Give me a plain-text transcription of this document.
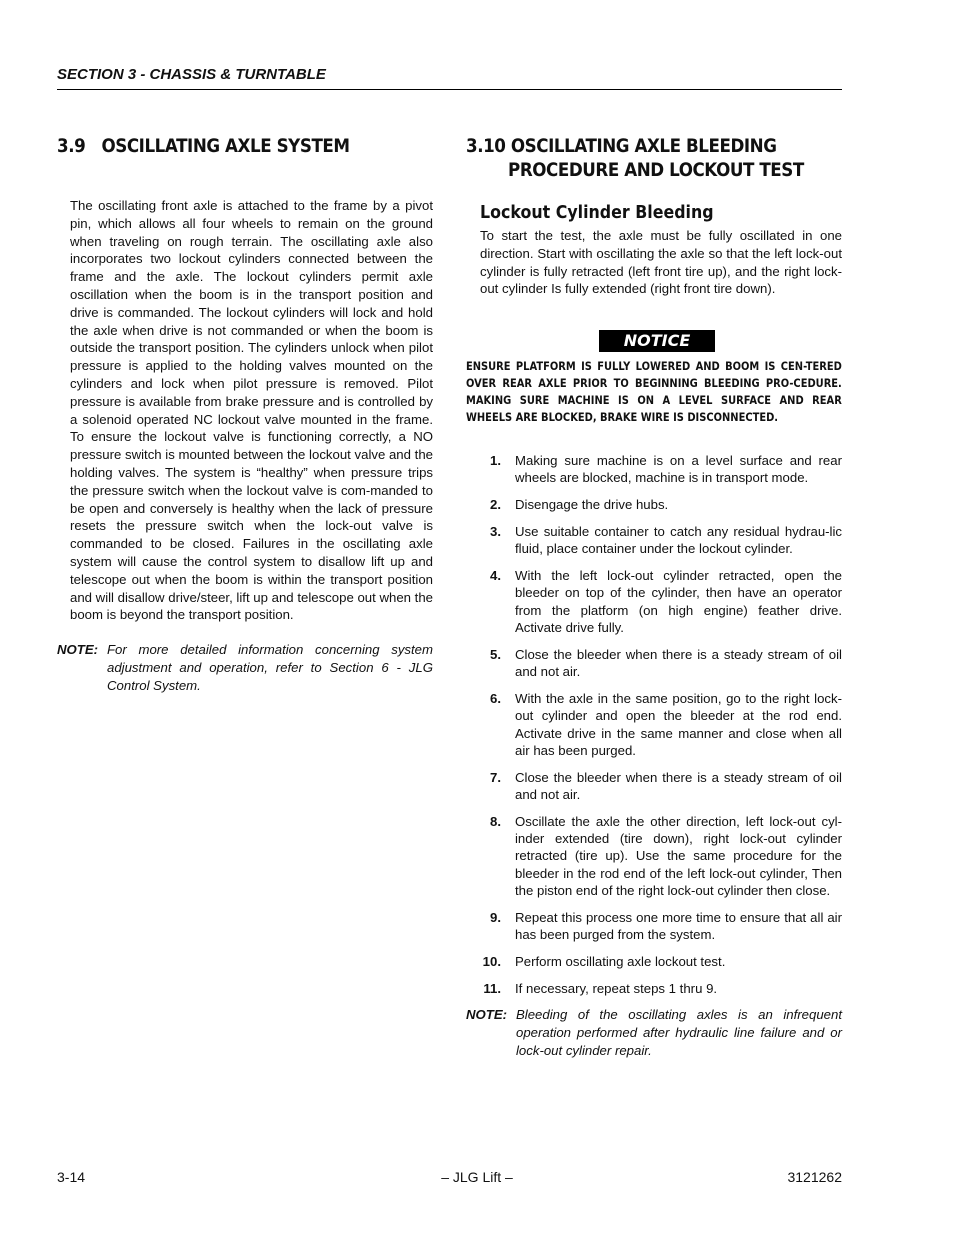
SECTION 3 - CHASSIS & TURNTABLE
3.9 OSCILLATING AXLE SYSTEM
The oscillating front axle is attached to the frame by a pivot pin, which allows all four wheels to remain on the ground when traveling on rough terrain. The oscillating axle also incorporates two lockout cylinders connected between the frame and the axle. The lockout cylinders permit axle oscillation when the boom is in the transport position and drive is commanded. The lockout cylinders will lock and hold the axle when drive is not commanded or when the boom is outside the transport position. The cylinders unlock when pilot pressure is applied to the holding valves mounted on the cylinders and lock when pilot pressure is removed. Pilot pressure is available from brake pressure and is controlled by a solenoid operated NC lockout valve mounted in the frame. To ensure the lockout valve is functioning correctly, a NO pressure switch is mounted between the lockout valve and the holding valves. The system is “healthy” when pressure trips the pressure switch when the lockout valve is com-manded to be open and conversely is healthy when the lack of pressure resets the pressure switch when the lock-out valve is commanded to be closed. Failures in the oscillating axle system will cause the control system to disallow lift up and telescope out when the boom is within the transport position and will disallow drive/steer, lift up and telescope out when the boom is beyond the transport position.
NOTE: For more detailed information concerning system adjustment and operation, refer to Section 6 - JLG Control System.
3.10 OSCILLATING AXLE BLEEDING
PROCEDURE AND LOCKOUT TEST
Lockout Cylinder Bleeding
To start the test, the axle must be fully oscillated in one direction. Start with oscillating the axle so that the left lock-out cylinder is fully retracted (left front tire up), and the right lock-out cylinder Is fully extended (right front tire down).
NOTICE
ENSURE PLATFORM IS FULLY LOWERED AND BOOM IS CEN-TERED OVER REAR AXLE PRIOR TO BEGINNING BLEEDING PRO-CEDURE. MAKING SURE MACHINE IS ON A LEVEL SURFACE AND REAR WHEELS ARE BLOCKED, BRAKE WIRE IS DISCONNECTED.
1.	Making sure machine is on a level surface and rear wheels are blocked, machine is in transport mode.
2.	Disengage the drive hubs.
3.	Use suitable container to catch any residual hydrau-lic fluid, place container under the lockout cylinder.
4.	With the left lock-out cylinder retracted, open the bleeder on top of the cylinder, then have an operator from the platform (on high engine) feather drive. Activate drive fully.
5.	Close the bleeder when there is a steady stream of oil and not air.
6.	With the axle in the same position, go to the right lock-out cylinder and open the bleeder at the rod end. Activate drive in the same manner and close when all air has been purged.
7.	Close the bleeder when there is a steady stream of oil and not air.
8.	Oscillate the axle the other direction, left lock-out cyl-inder extended (tire down), right lock-out cylinder retracted (tire up). Use the same procedure for the bleeder in the rod end of the left lock-out cylinder, Then the piston end of the right lock-out cylinder then close.
9.	Repeat this process one more time to ensure that all air has been purged from the system.
10.	Perform oscillating axle lockout test.
11.	If necessary, repeat steps 1 thru 9.
NOTE: Bleeding of the oscillating axles is an infrequent operation performed after hydraulic line failure and or lock-out cylinder repair.
3-14	– JLG Lift –	3121262
